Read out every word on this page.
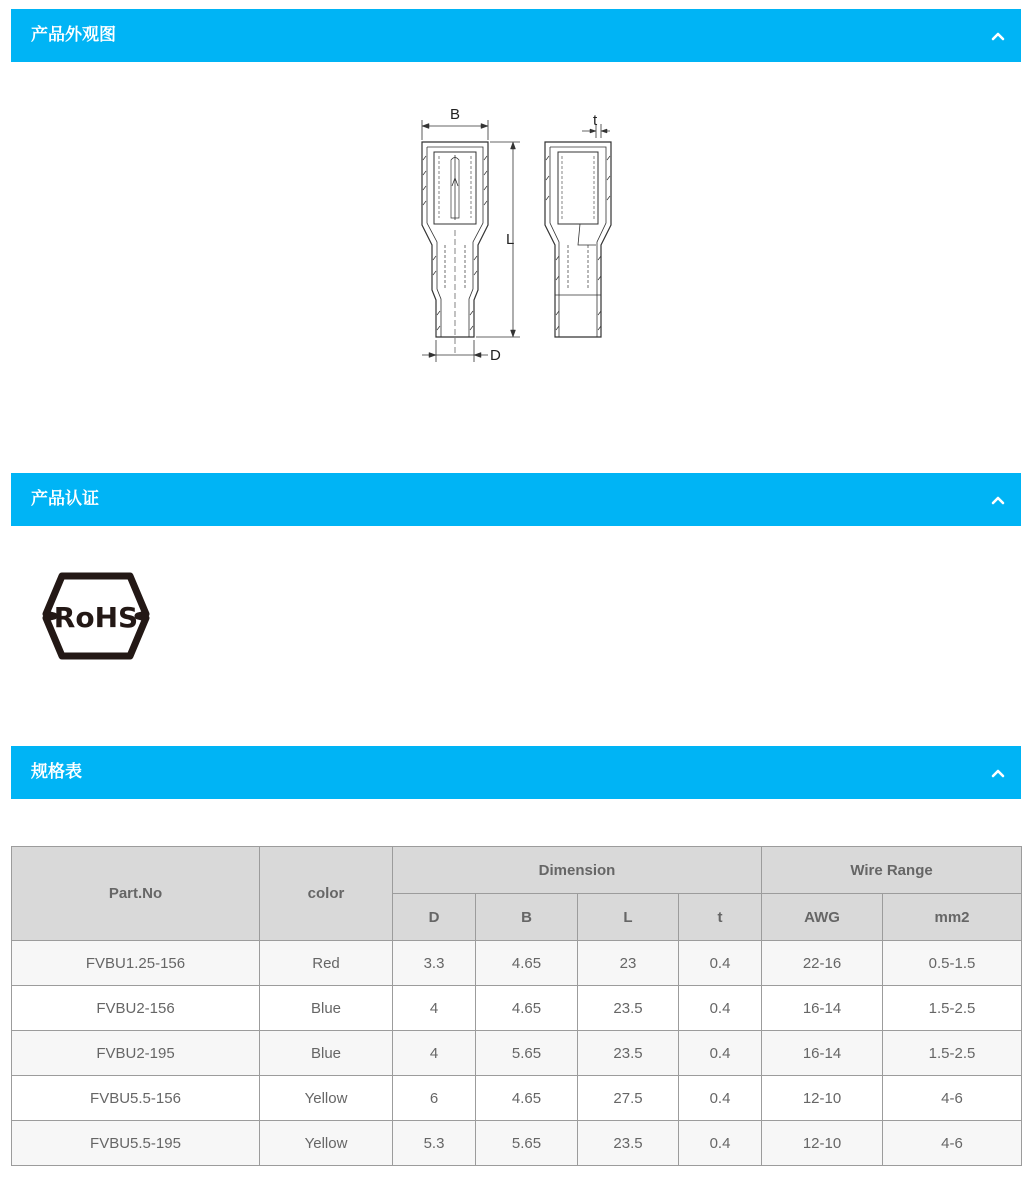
产品外观图
B	t
L
D
产品认证
RoHS
规格表
Part.No	color	Dimension				Wire Range	
		D	B	L	t	AWG	mm2
FVBU1.25-156	Red	3.3	4.65	23	0.4	22-16	0.5-1.5
FVBU2-156	Blue	4	4.65	23.5	0.4	16-14	1.5-2.5
FVBU2-195	Blue	4	5.65	23.5	0.4	16-14	1.5-2.5
FVBU5.5-156	Yellow	6	4.65	27.5	0.4	12-10	4-6
FVBU5.5-195	Yellow	5.3	5.65	23.5	0.4	12-10	4-6
